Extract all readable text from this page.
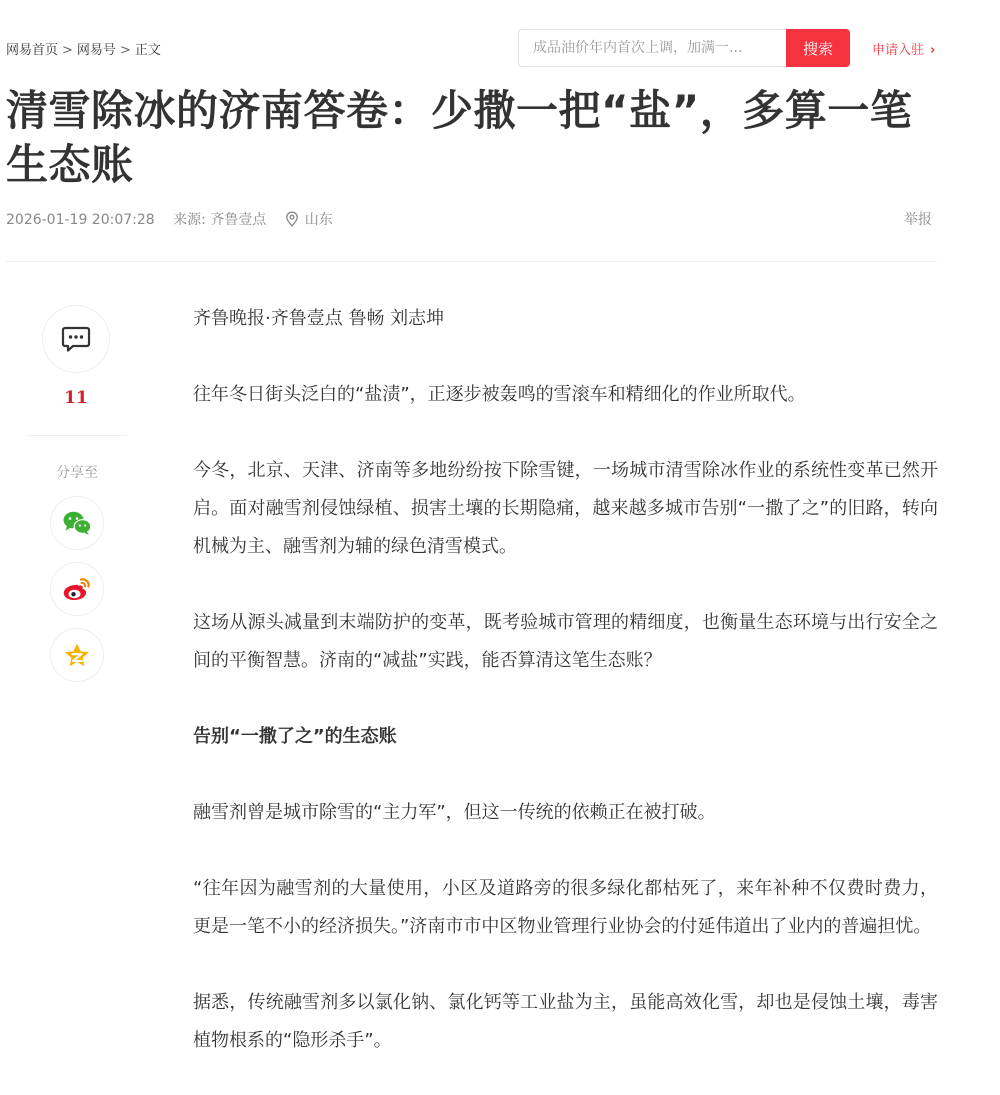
网易首页 > 网易号 > 正文
成品油价年内首次上调，加满一...	搜索	申请入驻 ›
清雪除冰的济南答卷：少撒一把“盐”，多算一笔生态账
2026-01-19 20:07:28 来源: 齐鲁壹点	山东	举报
11
分享至

齐鲁晚报·齐鲁壹点 鲁畅 刘志坤

往年冬日街头泛白的“盐渍”，正逐步被轰鸣的雪滚车和精细化的作业所取代。

今冬，北京、天津、济南等多地纷纷按下除雪键，一场城市清雪除冰作业的系统性变革已然开启。面对融雪剂侵蚀绿植、损害土壤的长期隐痛，越来越多城市告别“一撒了之”的旧路，转向机械为主、融雪剂为辅的绿色清雪模式。

这场从源头减量到末端防护的变革，既考验城市管理的精细度，也衡量生态环境与出行安全之间的平衡智慧。济南的“减盐”实践，能否算清这笔生态账？

告别“一撒了之”的生态账

融雪剂曾是城市除雪的“主力军”，但这一传统的依赖正在被打破。

“往年因为融雪剂的大量使用，小区及道路旁的很多绿化都枯死了，来年补种不仅费时费力，更是一笔不小的经济损失。”济南市市中区物业管理行业协会的付延伟道出了业内的普遍担忧。

据悉，传统融雪剂多以氯化钠、氯化钙等工业盐为主，虽能高效化雪，却也是侵蚀土壤，毒害植物根系的“隐形杀手”。
